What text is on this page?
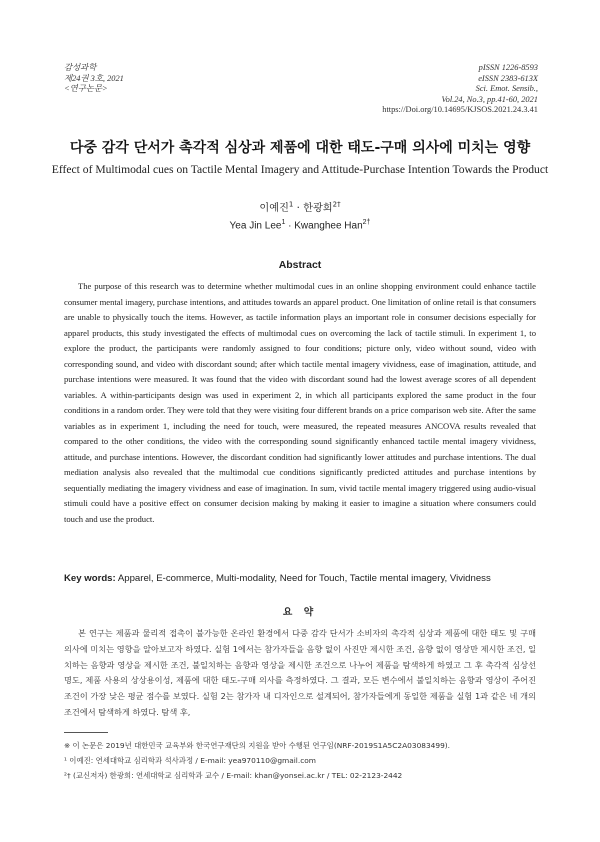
감성과학
제24권 3호, 2021
<연구논문>
pISSN 1226-8593
eISSN 2383-613X
Sci. Emot. Sensib.,
Vol.24, No.3, pp.41-60, 2021
https://Doi.org/10.14695/KJSOS.2021.24.3.41
다중 감각 단서가 촉각적 심상과 제품에 대한 태도-구매 의사에 미치는 영향
Effect of Multimodal cues on Tactile Mental Imagery and Attitude-Purchase Intention Towards the Product
이예진$^1$ · 한광희$^{2\dagger}$
Yea Jin Lee$^1$ · Kwanghee Han$^{2\dagger}$
Abstract

The purpose of this research was to determine whether multimodal cues in an online shopping environment could enhance tactile consumer mental imagery, purchase intentions, and attitudes towards an apparel product. One limitation of online retail is that consumers are unable to physically touch the items. However, as tactile information plays an important role in consumer decisions especially for apparel products, this study investigated the effects of multimodal cues on overcoming the lack of tactile stimuli. In experiment 1, to explore the product, the participants were randomly assigned to four conditions; picture only, video without sound, video with corresponding sound, and video with discordant sound; after which tactile mental imagery vividness, ease of imagination, attitude, and purchase intentions were measured. It was found that the video with discordant sound had the lowest average scores of all dependent variables. A within-participants design was used in experiment 2, in which all participants explored the same product in the four conditions in a random order. They were told that they were visiting four different brands on a price comparison web site. After the same variables as in experiment 1, including the need for touch, were measured, the repeated measures ANCOVA results revealed that compared to the other conditions, the video with the corresponding sound significantly enhanced tactile mental imagery vividness, attitude, and purchase intentions. However, the discordant condition had significantly lower attitudes and purchase intentions. The dual mediation analysis also revealed that the multimodal cue conditions significantly predicted attitudes and purchase intentions by sequentially mediating the imagery vividness and ease of imagination. In sum, vivid tactile mental imagery triggered using audio-visual stimuli could have a positive effect on consumer decision making by making it easier to imagine a situation where consumers could touch and use the product.

Key words: Apparel, E-commerce, Multi-modality, Need for Touch, Tactile mental imagery, Vividness

요 약

본 연구는 제품과 물리적 접촉이 불가능한 온라인 환경에서 다중 감각 단서가 소비자의 촉각적 심상과 제품에 대한 태도 및 구매 의사에 미치는 영향을 알아보고자 하였다. 실험 1에서는 참가자들을 음향 없이 사진만 제시한 조건, 음향 없이 영상만 제시한 조건, 일치하는 음향과 영상을 제시한 조건, 불일치하는 음향과 영상을 제시한 조건으로 나누어 제품을 탐색하게 하였고 그 후 촉각적 심상선명도, 제품 사용의 상상용이성, 제품에 대한 태도-구매 의사를 측정하였다. 그 결과, 모든 변수에서 불일치하는 음향과 영상이 주어진 조건이 가장 낮은 평균 점수를 보였다. 실험 2는 참가자 내 디자인으로 설계되어, 참가자들에게 동일한 제품을 실험 1과 같은 네 개의 조건에서 탐색하게 하였다. 탐색 후,

※ 이 논문은 2019년 대한민국 교육부와 한국연구재단의 지원을 받아 수행된 연구임(NRF-2019S1A5C2A03083499).
¹ 이예진: 연세대학교 심리학과 석사과정 / E-mail: yea970110@gmail.com
²† (교신저자) 한광희: 연세대학교 심리학과 교수 / E-mail: khan@yonsei.ac.kr / TEL: 02-2123-2442
